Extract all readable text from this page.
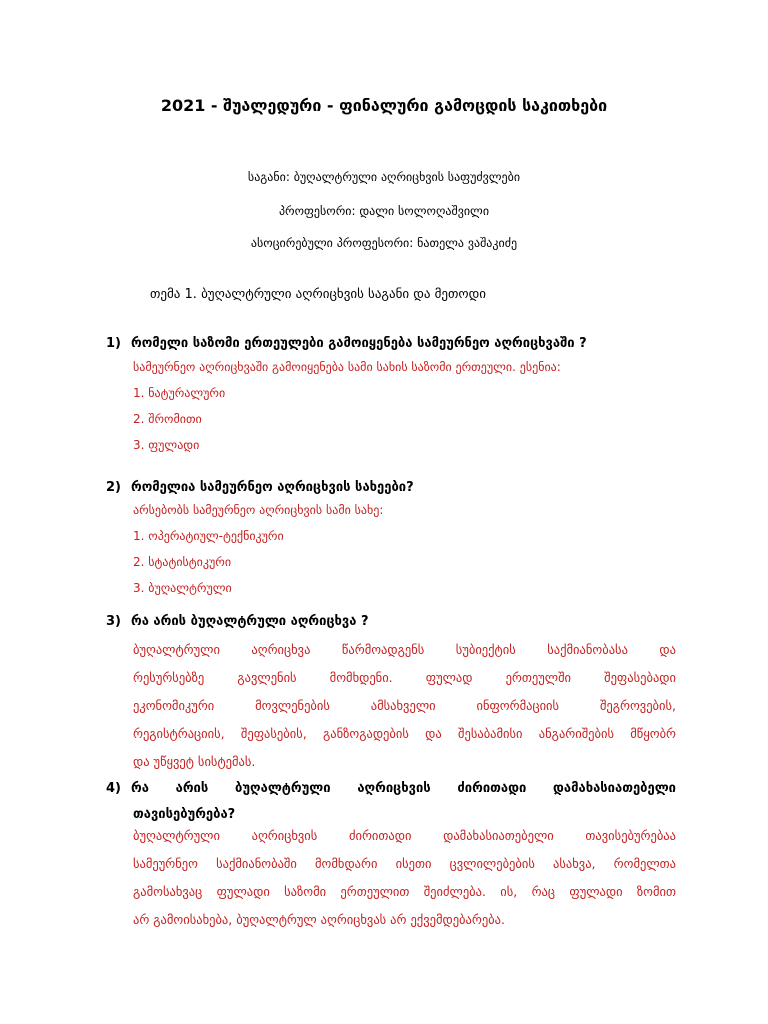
2021 - შუალედური - ფინალური გამოცდის საკითხები
საგანი: ბუღალტრული აღრიცხვის საფუძვლები
პროფესორი: დალი სოლოღაშვილი
ასოცირებული პროფესორი: ნათელა ვაშაკიძე
თემა 1. ბუღალტრული აღრიცხვის საგანი და მეთოდი
1) რომელი საზომი ერთეულები გამოიყენება სამეურნეო აღრიცხვაში ?
სამეურნეო აღრიცხვაში გამოიყენება სამი სახის საზომი ერთეული. ესენია:
1. ნატურალური
2. შრომითი
3. ფულადი
2) რომელია სამეურნეო აღრიცხვის სახეები?
არსებობს სამეურნეო აღრიცხვის სამი სახე:
1. ოპერატიულ-ტექნიკური
2. სტატისტიკური
3. ბუღალტრული
3) რა არის ბუღალტრული აღრიცხვა ?
ბუღალტრული აღრიცხვა წარმოადგენს სუბიექტის საქმიანობასა და
რესურსებზე გავლენის მომხდენი. ფულად ერთეულში შეფასებადი
ეკონომიკური მოვლენების ამსახველი ინფორმაციის შეგროვების,
რეგისტრაციის, შეფასების, განზოგადების და შესაბამისი ანგარიშების მწყობრ
და უწყვეტ სისტემას.
4) რა არის ბუღალტრული აღრიცხვის ძირითადი დამახასიათებელი
თავისებურება?
ბუღალტრული აღრიცხვის ძირითადი დამახასიათებელი თავისებურებაა
სამეურნეო საქმიანობაში მომხდარი ისეთი ცვლილებების ასახვა, რომელთა
გამოსახვაც ფულადი საზომი ერთეულით შეიძლება. ის, რაც ფულადი ზომით
არ გამოისახება, ბუღალტრულ აღრიცხვას არ ექვემდებარება.
